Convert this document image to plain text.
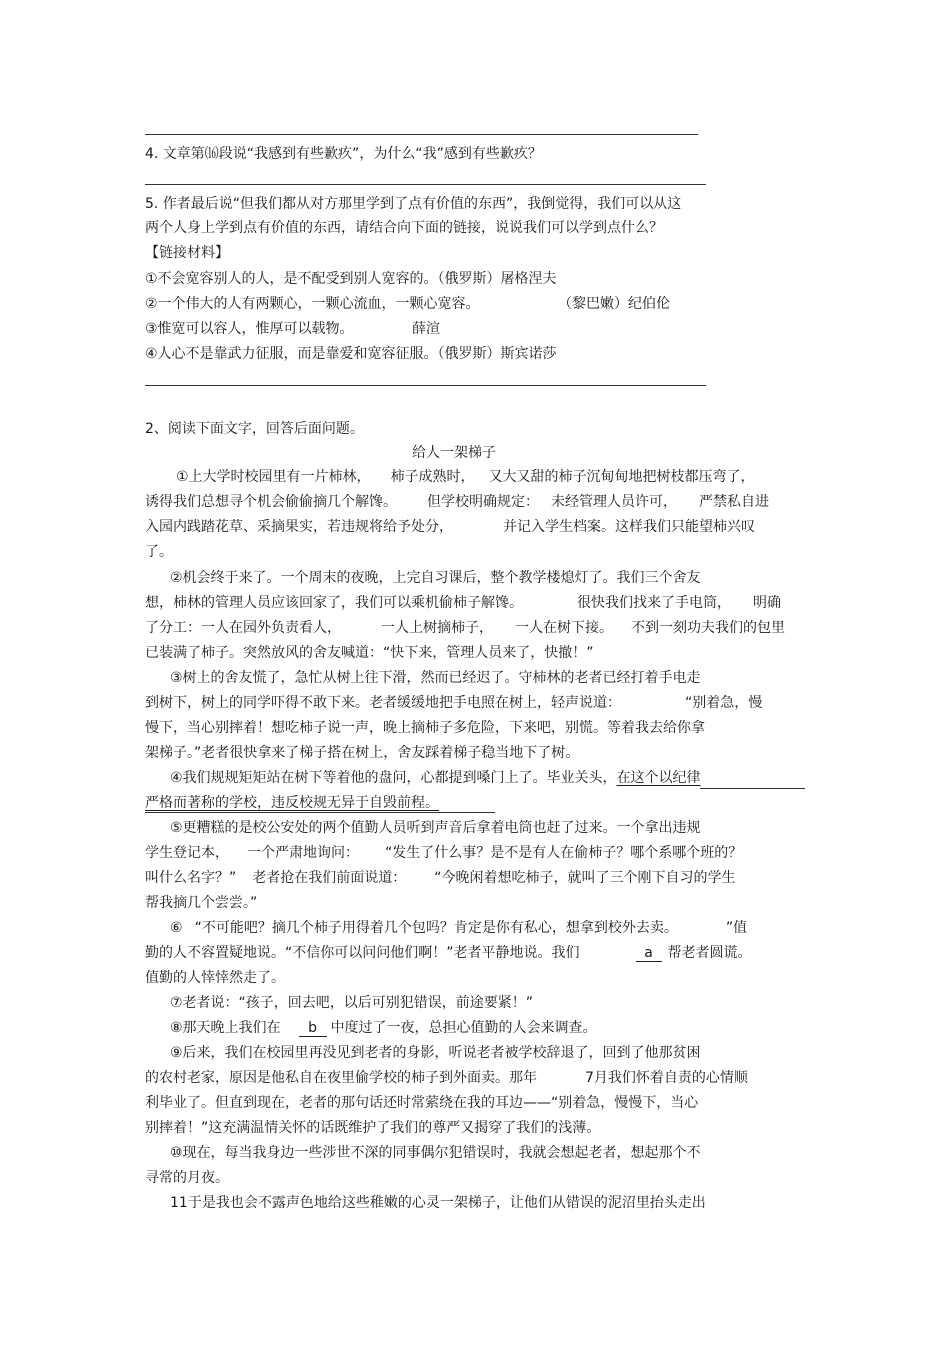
4. 文章第⒃段说“我感到有些歉疚”，为什么“我”感到有些歉疚？
5. 作者最后说“但我们都从对方那里学到了点有价值的东西”，我倒觉得，我们可以从这
两个人身上学到点有价值的东西，请结合向下面的链接，说说我们可以学到点什么？
【链接材料】
①不会宽容别人的人，是不配受到别人宽容的。（俄罗斯）屠格涅夫
②一个伟大的人有两颗心，一颗心流血，一颗心宽容。	（黎巴嫩）纪伯伦
③惟宽可以容人，惟厚可以载物。	薛渲
④人心不是靠武力征服，而是靠爱和宽容征服。（俄罗斯）斯宾诺莎
2、阅读下面文字，回答后面问题。
给人一架梯子
①上大学时校园里有一片柿林， 柿子成熟时， 又大又甜的柿子沉甸甸地把树枝都压弯了，
诱得我们总想寻个机会偷偷摘几个解馋。 但学校明确规定： 未经管理人员许可， 严禁私自进
入园内践踏花草、采摘果实，若违规将给予处分，	并记入学生档案。这样我们只能望柿兴叹
了。
②机会终于来了。一个周末的夜晚，上完自习课后，整个教学楼熄灯了。我们三个舍友
想，柿林的管理人员应该回家了，我们可以乘机偷柿子解馋。	很快我们找来了手电筒， 明确
了分工：一人在园外负责看人，	一人上树摘柿子， 一人在树下接。 不到一刻功夫我们的包里
已装满了柿子。突然放风的舍友喊道：“快下来，管理人员来了，快撤！”
③树上的舍友慌了，急忙从树上往下滑，然而已经迟了。守柿林的老者已经打着手电走
到树下，树上的同学吓得不敢下来。老者缓缓地把手电照在树上，轻声说道：	“别着急，慢
慢下，当心别摔着！想吃柿子说一声，晚上摘柿子多危险，下来吧，别慌。等着我去给你拿
架梯子。”老者很快拿来了梯子搭在树上，舍友踩着梯子稳当地下了树。
④我们规规矩矩站在树下等着他的盘问，心都提到嗓门上了。毕业关头，在这个以纪律
严格而著称的学校，违反校规无异于自毁前程。
⑤更糟糕的是校公安处的两个值勤人员听到声音后拿着电筒也赶了过来。一个拿出违规
学生登记本， 一个严肃地询问： “发生了什么事？是不是有人在偷柿子？哪个系哪个班的？
叫什么名字？” 老者抢在我们前面说道： “今晚闲着想吃柿子，就叫了三个刚下自习的学生
帮我摘几个尝尝。”
⑥ “不可能吧？摘几个柿子用得着几个包吗？肯定是你有私心，想拿到校外去卖。	”值
勤的人不容置疑地说。“不信你可以问问他们啊！”老者平静地说。我们	a 帮老者圆谎。
值勤的人悻悻然走了。
⑦老者说：“孩子，回去吧，以后可别犯错误，前途要紧！”
⑧那天晚上我们在 b 中度过了一夜，总担心值勤的人会来调查。
⑨后来，我们在校园里再没见到老者的身影，听说老者被学校辞退了，回到了他那贫困
的农村老家，原因是他私自在夜里偷学校的柿子到外面卖。那年	7月我们怀着自责的心情顺
利毕业了。但直到现在，老者的那句话还时常萦绕在我的耳边——“别着急，慢慢下，当心
别摔着！”这充满温情关怀的话既维护了我们的尊严又揭穿了我们的浅薄。
⑩现在，每当我身边一些涉世不深的同事偶尔犯错误时，我就会想起老者，想起那个不
寻常的月夜。
11于是我也会不露声色地给这些稚嫩的心灵一架梯子，让他们从错误的泥沼里抬头走出
